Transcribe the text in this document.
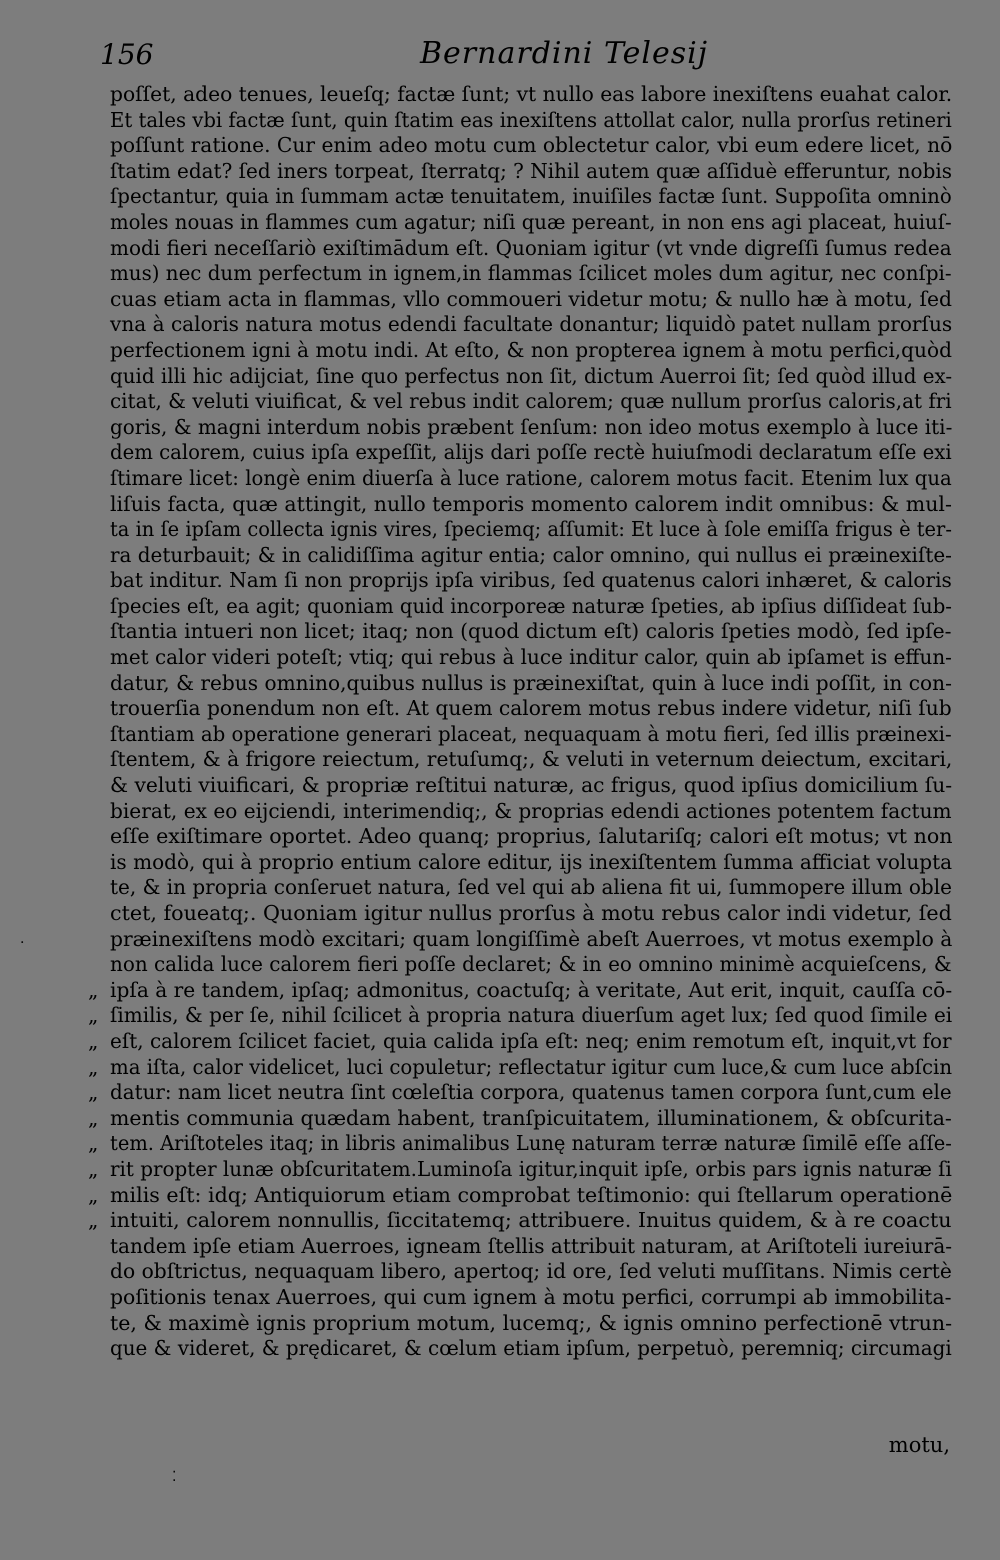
156	Bernardini Telesij
poſſet, adeo tenues, leueſq; factæ ſunt; vt nullo eas labore inexiſtens euahat calor.
Et tales vbi factæ ſunt, quin ſtatim eas inexiſtens attollat calor, nulla prorſus retineri
poſſunt ratione. Cur enim adeo motu cum oblectetur calor, vbi eum edere licet, nō
ſtatim edat? ſed iners torpeat, ſterratq; ? Nihil autem quæ aſſiduè efferuntur, nobis
ſpectantur, quia in ſummam actæ tenuitatem, inuiſiles factæ ſunt. Suppoſita omninò
moles nouas in flammes cum agatur; niſi quæ pereant, in non ens agi placeat, huiuſ-
modi fieri neceſſariò exiſtimādum eſt. Quoniam igitur (vt vnde digreſſi ſumus redea
mus) nec dum perfectum in ignem,in flammas ſcilicet moles dum agitur, nec conſpi-
cuas etiam acta in flammas, vllo commoueri videtur motu; & nullo hæ à motu, ſed
vna à caloris natura motus edendi facultate donantur; liquidò patet nullam prorſus
perfectionem igni à motu indi. At eſto, & non propterea ignem à motu perfici,quòd
quid illi hic adijciat, ſine quo perfectus non ſit, dictum Auerroi ſit; ſed quòd illud ex-
citat, & veluti viuificat, & vel rebus indit calorem; quæ nullum prorſus caloris,at fri
goris, & magni interdum nobis præbent ſenſum: non ideo motus exemplo à luce iti-
dem calorem, cuius ipſa expeſſit, alijs dari poſſe rectè huiuſmodi declaratum eſſe exi
ſtimare licet: longè enim diuerſa à luce ratione, calorem motus facit. Etenim lux qua
liſuis facta, quæ attingit, nullo temporis momento calorem indit omnibus: & mul-
ta in ſe ipſam collecta ignis vires, ſpeciemq; aſſumit: Et luce à ſole emiſſa frigus è ter-
ra deturbauit; & in calidiſſima agitur entia; calor omnino, qui nullus ei præinexiſte-
bat inditur. Nam ſi non proprijs ipſa viribus, ſed quatenus calori inhæret, & caloris
ſpecies eſt, ea agit; quoniam quid incorporeæ naturæ ſpeties, ab ipſius diſſideat ſub-
ſtantia intueri non licet; itaq; non (quod dictum eſt) caloris ſpeties modò, ſed ipſe-
met calor videri poteſt; vtiq; qui rebus à luce inditur calor, quin ab ipſamet is effun-
datur, & rebus omnino,quibus nullus is præinexiſtat, quin à luce indi poſſit, in con-
trouerſia ponendum non eſt. At quem calorem motus rebus indere videtur, niſi ſub
ſtantiam ab operatione generari placeat, nequaquam à motu fieri, ſed illis præinexi-
ſtentem, & à frigore reiectum, retuſumq;, & veluti in veternum deiectum, excitari,
& veluti viuificari, & propriæ reſtitui naturæ, ac frigus, quod ipſius domicilium ſu-
bierat, ex eo eijciendi, interimendiq;, & proprias edendi actiones potentem factum
eſſe exiſtimare oportet. Adeo quanq; proprius, ſalutariſq; calori eſt motus; vt non
is modò, qui à proprio entium calore editur, ijs inexiſtentem ſumma afficiat volupta
te, & in propria conſeruet natura, ſed vel qui ab aliena fit ui, ſummopere illum oble
ctet, foueatq;. Quoniam igitur nullus prorſus à motu rebus calor indi videtur, ſed
præinexiſtens modò excitari; quam longiſſimè abeſt Auerroes, vt motus exemplo à
non calida luce calorem fieri poſſe declaret; & in eo omnino minimè acquieſcens, &
„ ipſa à re tandem, ipſaq; admonitus, coactuſq; à veritate, Aut erit, inquit, cauſſa cō-
„ ſimilis, & per ſe, nihil ſcilicet à propria natura diuerſum aget lux; ſed quod ſimile ei
„ eſt, calorem ſcilicet faciet, quia calida ipſa eſt: neq; enim remotum eſt, inquit,vt for
„ ma iſta, calor videlicet, luci copuletur; reflectatur igitur cum luce,& cum luce abſcin
„ datur: nam licet neutra ſint cœleſtia corpora, quatenus tamen corpora ſunt,cum ele
„ mentis communia quædam habent, tranſpicuitatem, illuminationem, & obſcurita-
„ tem. Ariſtoteles itaq; in libris animalibus Lunę naturam terræ naturæ ſimilē eſſe aſſe-
„ rit propter lunæ obſcuritatem.Luminoſa igitur,inquit ipſe, orbis pars ignis naturæ ſi
„ milis eſt: idq; Antiquiorum etiam comprobat teſtimonio: qui ſtellarum operationē
„ intuiti, calorem nonnullis, ſiccitatemq; attribuere. Inuitus quidem, & à re coactu
tandem ipſe etiam Auerroes, igneam ſtellis attribuit naturam, at Ariſtoteli iureiurā-
do obſtrictus, nequaquam libero, apertoq; id ore, ſed veluti muſſitans. Nimis certè
poſitionis tenax Auerroes, qui cum ignem à motu perfici, corrumpi ab immobilita-
te, & maximè ignis proprium motum, lucemq;, & ignis omnino perfectionē vtrun-
que & videret, & prędicaret, & cœlum etiam ipſum, perpetuò, peremniq; circumagi
motu,
·
⁚
